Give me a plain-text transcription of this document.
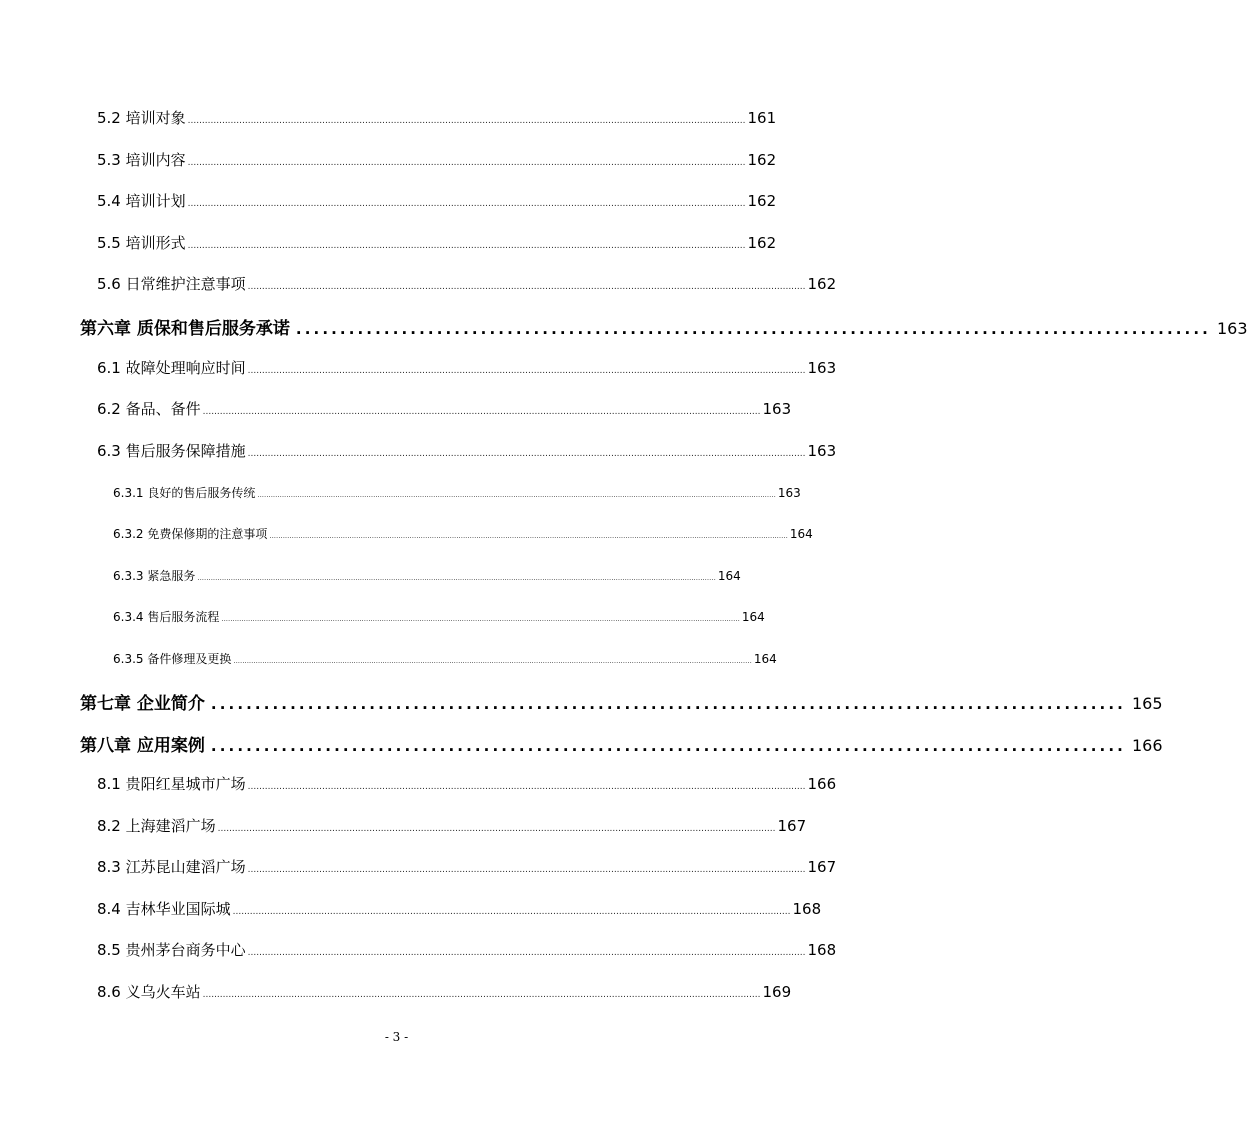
5.2 培训对象 ................................................................................................................................................................................................... 161
5.3 培训内容 ................................................................................................................................................................................................... 162
5.4 培训计划 ................................................................................................................................................................................................... 162
5.5 培训形式 ................................................................................................................................................................................................... 162
5.6 日常维护注意事项 ................................................................................................................................................................................................... 162
第六章 质保和售后服务承诺 ........................................................................................................ 163
6.1 故障处理响应时间 ................................................................................................................................................................................................... 163
6.2 备品、备件 ................................................................................................................................................................................................... 163
6.3 售后服务保障措施 ................................................................................................................................................................................................... 163
6.3.1 良好的售后服务传统 ......................................................................................................................................................................................................................................... 163
6.3.2 免费保修期的注意事项 ......................................................................................................................................................................................................................................... 164
6.3.3 紧急服务 ......................................................................................................................................................................................................................................... 164
6.3.4 售后服务流程 ......................................................................................................................................................................................................................................... 164
6.3.5 备件修理及更换 ......................................................................................................................................................................................................................................... 164
第七章 企业简介 ........................................................................................................ 165
第八章 应用案例 ........................................................................................................ 166
8.1 贵阳红星城市广场 ................................................................................................................................................................................................... 166
8.2 上海建滔广场 ................................................................................................................................................................................................... 167
8.3 江苏昆山建滔广场 ................................................................................................................................................................................................... 167
8.4 吉林华业国际城 ................................................................................................................................................................................................... 168
8.5 贵州茅台商务中心 ................................................................................................................................................................................................... 168
8.6 义乌火车站 ................................................................................................................................................................................................... 169
- 3 -
